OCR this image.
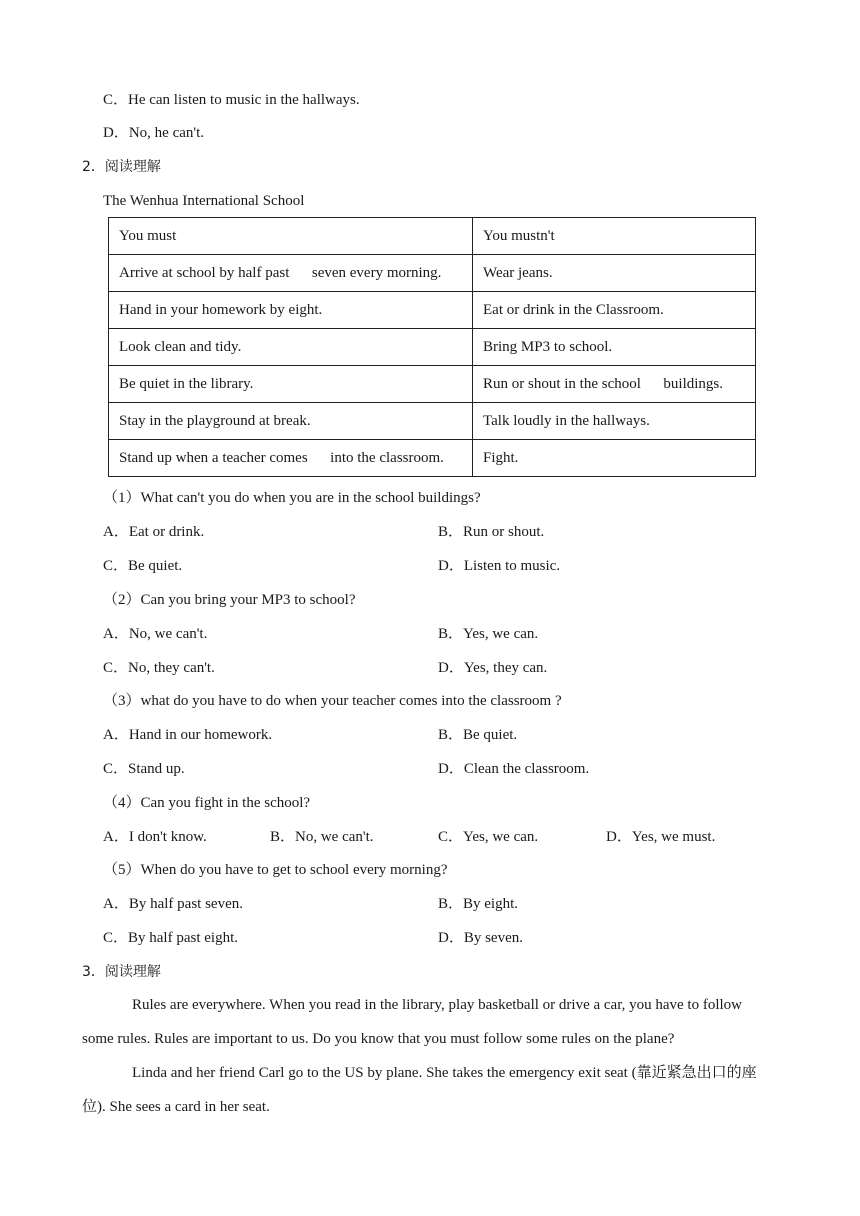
C．He can listen to music in the hallways.
D．No, he can't.
2．阅读理解
The Wenhua International School
You must	You mustn't
Arrive at school by half past      seven every morning.	Wear jeans.
Hand in your homework by eight.	Eat or drink in the Classroom.
Look clean and tidy.	Bring MP3 to school.
Be quiet in the library.	Run or shout in the school      buildings.
Stay in the playground at break.	Talk loudly in the hallways.
Stand up when a teacher comes      into the classroom.	Fight.
（1）What can't you do when you are in the school buildings?
A．Eat or drink.	B．Run or shout.
C．Be quiet.	D．Listen to music.
（2）Can you bring your MP3 to school?
A．No, we can't.	B．Yes, we can.
C．No, they can't.	D．Yes, they can.
（3）what do you have to do when your teacher comes into the classroom ?
A．Hand in our homework.	B．Be quiet.
C．Stand up.	D．Clean the classroom.
（4）Can you fight in the school?
A．I don't know.	B．No, we can't.	C．Yes, we can.	D．Yes, we must.
（5）When do you have to get to school every morning?
A．By half past seven.	B．By eight.
C．By half past eight.	D．By seven.
3．阅读理解
Rules are everywhere. When you read in the library, play basketball or drive a car, you have to follow some rules. Rules are important to us. Do you know that you must follow some rules on the plane?
Linda and her friend Carl go to the US by plane. She takes the emergency exit seat (靠近紧急出口的座位). She sees a card in her seat.
